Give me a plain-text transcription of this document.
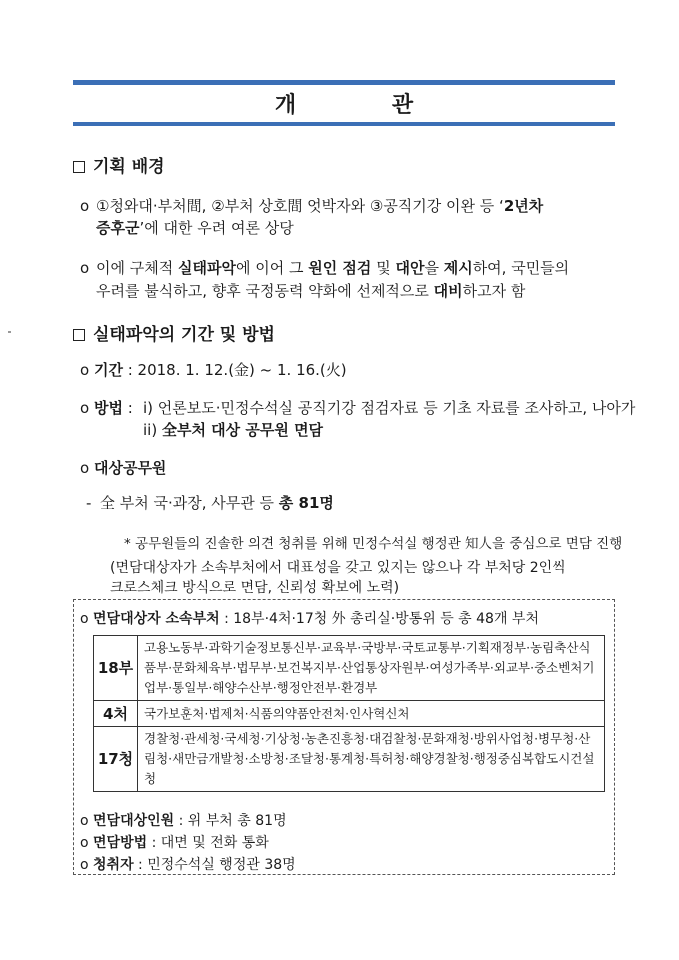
개 관
기획 배경
o ①청와대·부처間, ②부처 상호間 엇박자와 ③공직기강 이완 등 ‘2년차
증후군’에 대한 우려 여론 상당
o 이에 구체적 실태파악에 이어 그 원인 점검 및 대안을 제시하여, 국민들의
우려를 불식하고, 향후 국정동력 약화에 선제적으로 대비하고자 함
실태파악의 기간 및 방법
o 기간 : 2018. 1. 12.(金) ~ 1. 16.(火)
o 방법 : i) 언론보도·민정수석실 공직기강 점검자료 등 기초 자료를 조사하고, 나아가
ii) 全부처 대상 공무원 면담
o 대상공무원
- 全 부처 국·과장, 사무관 등 총 81명
* 공무원들의 진솔한 의견 청취를 위해 민정수석실 행정관 知人을 중심으로 면담 진행
(면담대상자가 소속부처에서 대표성을 갖고 있지는 않으나 각 부처당 2인씩
크로스체크 방식으로 면담, 신뢰성 확보에 노력)
o 면담대상자 소속부처 : 18부·4처·17청 外 총리실·방통위 등 총 48개 부처
18부	고용노동부·과학기술정보통신부·교육부·국방부·국토교통부·기획재정부·농림축산식품부·문화체육부·법무부·보건복지부·산업통상자원부·여성가족부·외교부·중소벤처기업부·통일부·해양수산부·행정안전부·환경부
4처	국가보훈처·법제처·식품의약품안전처·인사혁신처
17청	경찰청·관세청·국세청·기상청·농촌진흥청·대검찰청·문화재청·방위사업청·병무청·산림청·새만금개발청·소방청·조달청·통계청·특허청·해양경찰청·행정중심복합도시건설청
o 면담대상인원 : 위 부처 총 81명
o 면담방법 : 대면 및 전화 통화
o 청취자 : 민정수석실 행정관 38명
